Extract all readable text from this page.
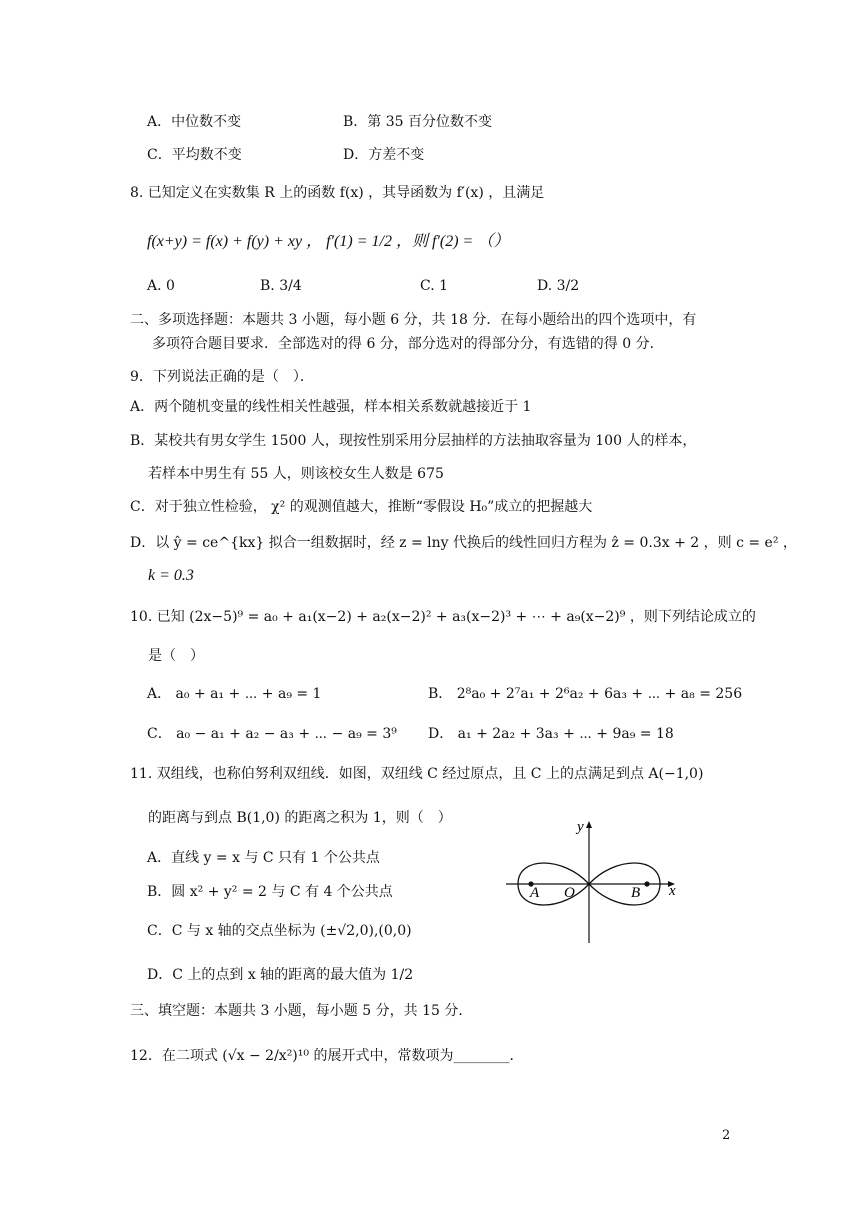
A．中位数不变	B．第 35 百分位数不变
C．平均数不变	D．方差不变
8. 已知定义在实数集 R 上的函数 f(x) ，其导函数为 f′(x) ，且满足
f(x+y) = f(x) + f(y) + xy ， f′(1) = 1/2 ，则 f′(2) = （）
A. 0	B. 3/4	C. 1	D. 3/2
二、多项选择题：本题共 3 小题，每小题 6 分，共 18 分．在每小题给出的四个选项中，有
多项符合题目要求．全部选对的得 6 分，部分选对的得部分分，有选错的得 0 分．
9．下列说法正确的是（　）．
A．两个随机变量的线性相关性越强，样本相关系数就越接近于 1
B．某校共有男女学生 1500 人，现按性别采用分层抽样的方法抽取容量为 100 人的样本，
若样本中男生有 55 人，则该校女生人数是 675
C．对于独立性检验， χ² 的观测值越大，推断“零假设 H₀”成立的把握越大
D．以 ŷ = ce^{kx} 拟合一组数据时，经 z = lny 代换后的线性回归方程为 ẑ = 0.3x + 2 ，则 c = e² ，
k = 0.3
10. 已知 (2x−5)⁹ = a₀ + a₁(x−2) + a₂(x−2)² + a₃(x−2)³ + ⋯ + a₉(x−2)⁹ ，则下列结论成立的
是（　）
A． a₀ + a₁ + ⋯ + a₉ = 1	B． 2⁸a₀ + 2⁷a₁ + 2⁶a₂ + 6a₃ + ⋯ + a₈ = 256
C． a₀ − a₁ + a₂ − a₃ + ⋯ − a₉ = 3⁹ D． a₁ + 2a₂ + 3a₃ + ⋯ + 9a₉ = 18
11. 双组线，也称伯努利双纽线．如图，双纽线 C 经过原点，且 C 上的点满足到点 A(−1,0)
的距离与到点 B(1,0) 的距离之积为 1，则（　）
A．直线 y = x 与 C 只有 1 个公共点
B．圆 x² + y² = 2 与 C 有 4 个公共点
C．C 与 x 轴的交点坐标为 (±√2,0),(0,0)
D．C 上的点到 x 轴的距离的最大值为 1/2
y
x
A O	B
三、填空题：本题共 3 小题，每小题 5 分，共 15 分．
12．在二项式 (√x − 2/x²)¹⁰ 的展开式中，常数项为________．
2
